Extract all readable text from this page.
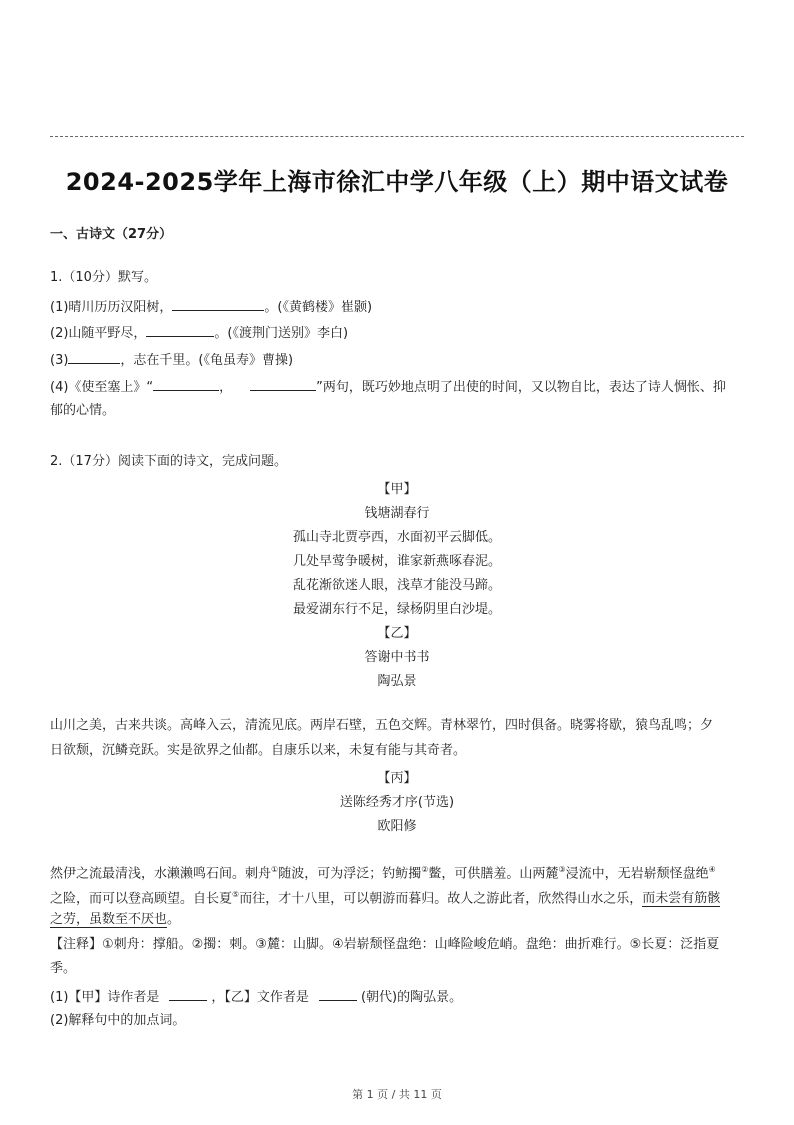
2024-2025学年上海市徐汇中学八年级（上）期中语文试卷
一、古诗文（27分）
1.（10分）默写。
(1)晴川历历汉阳树，	。(《黄鹤楼》崔颢)
(2)山随平野尽，	。(《渡荆门送别》李白)
(3)	，志在千里。(《龟虽寿》曹操)
(4)《使至塞上》“	，	”两句，既巧妙地点明了出使的时间，又以物自比，表达了诗人惆怅、抑
郁的心情。
2.（17分）阅读下面的诗文，完成问题。
【甲】
钱塘湖春行
孤山寺北贾亭西，水面初平云脚低。
几处早莺争暖树，谁家新燕啄春泥。
乱花渐欲迷人眼，浅草才能没马蹄。
最爱湖东行不足，绿杨阴里白沙堤。
【乙】
答谢中书书
陶弘景
山川之美，古来共谈。高峰入云，清流见底。两岸石壁，五色交辉。青林翠竹，四时俱备。晓雾将歇，猿鸟乱鸣；夕
日欲颓，沉鳞竞跃。实是欲界之仙都。自康乐以来，未复有能与其奇者。
【丙】
送陈经秀才序(节选)
欧阳修
然伊之流最清浅，水濑濑鸣石间。刺舟①随波，可为浮泛；钓鲂擉②鳖，可供膳羞。山两麓③浸流中，无岩崭颓怪盘绝④
之险，而可以登高顾望。自长夏⑤而往，才十八里，可以朝游而暮归。故人之游此者，欣然得山水之乐，而未尝有筋骸
之劳，虽数至不厌也。
【注释】①刺舟：撑船。②擉：刺。③麓：山脚。④岩崭颓怪盘绝：山峰险峻危峭。盘绝：曲折难行。⑤长夏：泛指夏
季。
(1)【甲】诗作者是	，【乙】文作者是	(朝代)的陶弘景。
(2)解释句中的加点词。
第 1 页 / 共 11 页
